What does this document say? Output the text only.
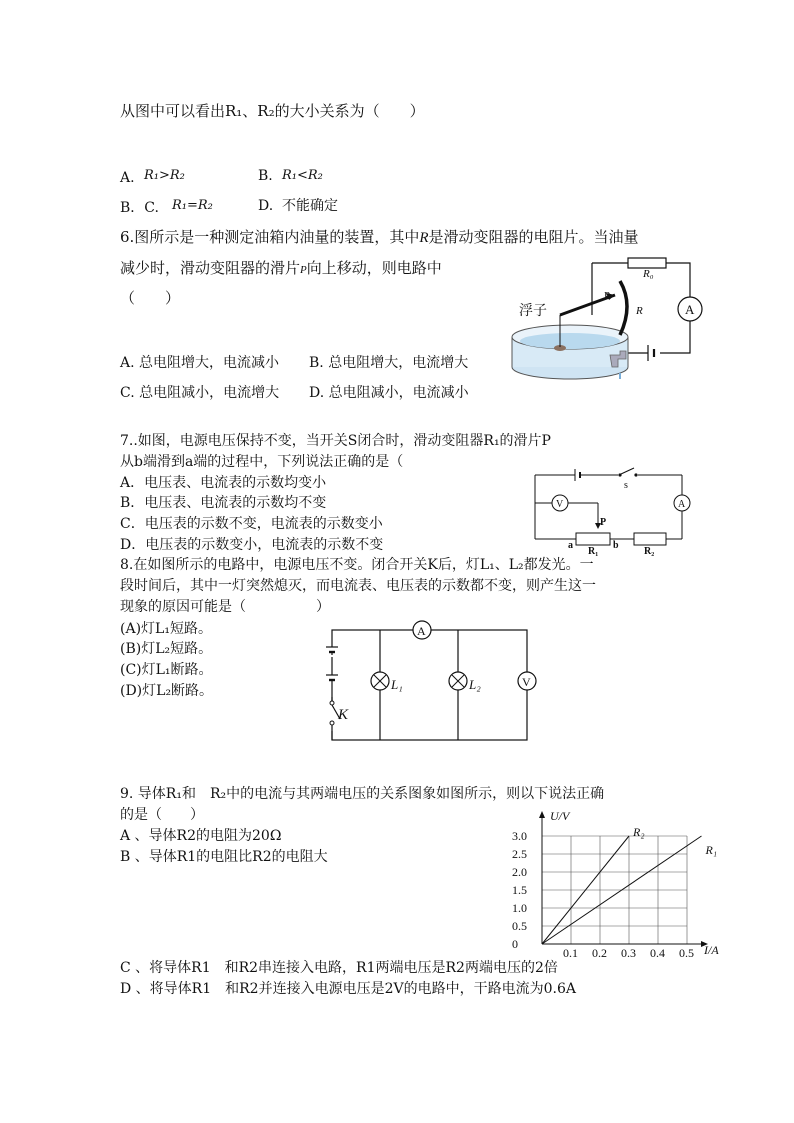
从图中可以看出R₁、R₂的大小关系为（　　）
A. R₁>R₂	B. R₁<R₂
B．C. R₁=R₂	D. 不能确定
6.图所示是一种测定油箱内油量的装置，其中R是滑动变阻器的电阻片。当油量
减少时，滑动变阻器的滑片P向上移动，则电路中
（　　）
A. 总电阻增大，电流减小 B. 总电阻增大，电流增大
C. 总电阻减小，电流增大 D. 总电阻减小，电流减小
R₀
A
P
R
浮子
7..如图，电源电压保持不变，当开关S闭合时，滑动变阻器R₁的滑片P
从b端滑到a端的过程中，下列说法正确的是（
A．电压表、电流表的示数均变小
B．电压表、电流表的示数均不变
C．电压表的示数不变，电流表的示数变小
D．电压表的示数变小，电流表的示数不变
s
A
V
P
a	b
R₁	R₂
8.在如图所示的电路中，电源电压不变。闭合开关K后，灯L₁、L₂都发光。一
段时间后，其中一灯突然熄灭，而电流表、电压表的示数都不变，则产生这一
现象的原因可能是（　　　　　）
(A)灯L₁短路。
(B)灯L₂短路。
(C)灯L₁断路。
(D)灯L₂断路。
K
A
L₁	L₂	V
9. 导体R₁和　R₂中的电流与其两端电压的关系图象如图所示，则以下说法正确
的是（　　）
A 、导体R2的电阻为20Ω
B 、导体R1的电阻比R2的电阻大
C 、将导体R1　和R2串连接入电路，R1两端电压是R2两端电压的2倍
D 、将导体R1　和R2并连接入电源电压是2V的电路中，干路电流为0.6A
0.1 0.2 0.3 0.4 0.5
0
0.5
1.0
1.5
2.0
2.5
3.0	R₂
R₁
U/V
I/A
